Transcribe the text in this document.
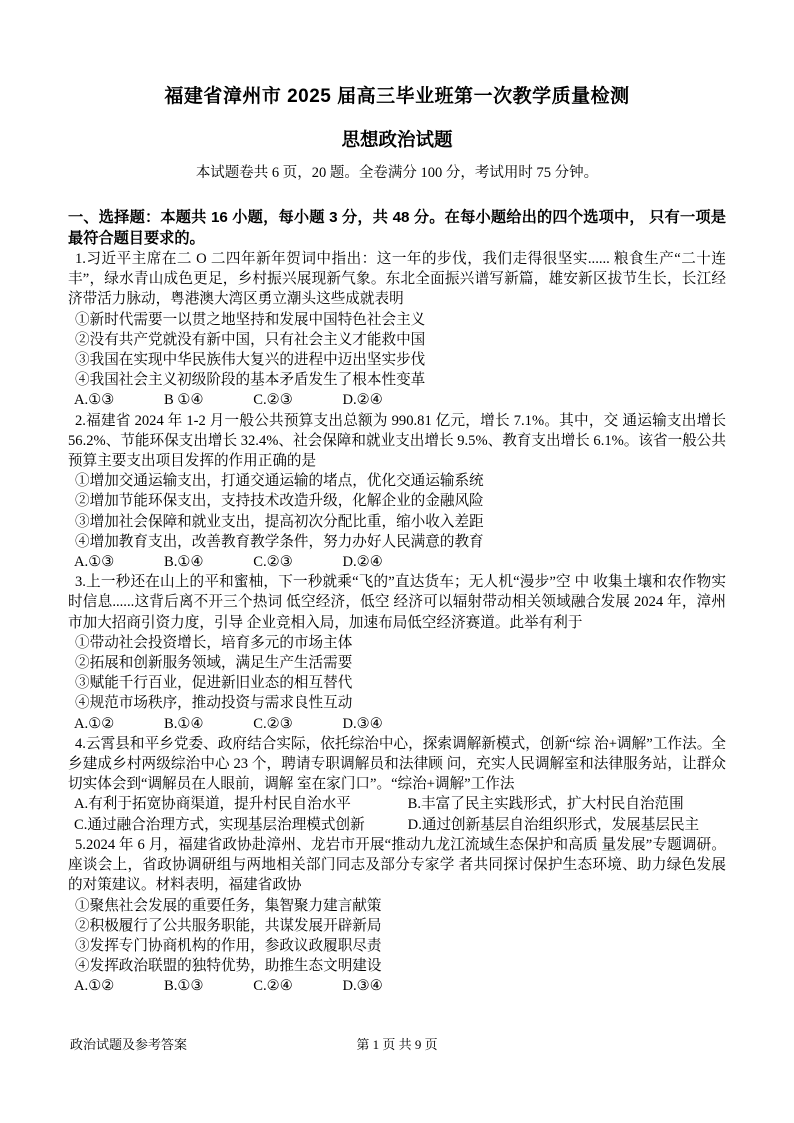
福建省漳州市 2025 届高三毕业班第一次教学质量检测
思想政治试题

本试题卷共 6 页，20 题。全卷满分 100 分，考试用时 75 分钟。

一、选择题：本题共 16 小题，每小题 3 分，共 48 分。在每小题给出的四个选项中， 只有一项是最符合题目要求的。

1.习近平主席在二 O 二四年新年贺词中指出：这一年的步伐，我们走得很坚实...... 粮食生产“二十连丰”，绿水青山成色更足，乡村振兴展现新气象。东北全面振兴谱写新篇，雄安新区拔节生长，长江经济带活力脉动，粤港澳大湾区勇立潮头这些成就表明

①新时代需要一以贯之地坚持和发展中国特色社会主义

②没有共产党就没有新中国，只有社会主义才能救中国

③我国在实现中华民族伟大复兴的进程中迈出坚实步伐

④我国社会主义初级阶段的基本矛盾发生了根本性变革

A.①③	B ①④	C.②③	D.②④

2.福建省 2024 年 1-2 月一般公共预算支出总额为 990.81 亿元，增长 7.1%。其中，交 通运输支出增长 56.2%、节能环保支出增长 32.4%、社会保障和就业支出增长 9.5%、教育支出增长 6.1%。该省一般公共预算主要支出项目发挥的作用正确的是

①增加交通运输支出，打通交通运输的堵点，优化交通运输系统

②增加节能环保支出，支持技术改造升级，化解企业的金融风险

③增加社会保障和就业支出，提高初次分配比重，缩小收入差距

④增加教育支出，改善教育教学条件，努力办好人民满意的教育

A.①③	B.①④	C.②③	D.②④

3.上一秒还在山上的平和蜜柚，下一秒就乘“飞的”直达货车；无人机“漫步”空 中 收集土壤和农作物实时信息......这背后离不开三个热词 低空经济，低空 经济可以辐射带动相关领域融合发展 2024 年，漳州市加大招商引资力度，引导 企业竞相入局，加速布局低空经济赛道。此举有利于

①带动社会投资增长，培育多元的市场主体

②拓展和创新服务领域，满足生产生活需要

③赋能千行百业，促进新旧业态的相互替代

④规范市场秩序，推动投资与需求良性互动

A.①②	B.①④	C.②③	D.③④

4.云霄县和平乡党委、政府结合实际，依托综治中心，探索调解新模式，创新“综 治+调解”工作法。全乡建成乡村两级综治中心 23 个，聘请专职调解员和法律顾 问，充实人民调解室和法律服务站，让群众切实体会到“调解员在人眼前，调解 室在家门口”。“综治+调解”工作法

A.有利于拓宽协商渠道，提升村民自治水平	B.丰富了民主实践形式，扩大村民自治范围

C.通过融合治理方式，实现基层治理模式创新	D.通过创新基层自治组织形式，发展基层民主

5.2024 年 6 月，福建省政协赴漳州、龙岩市开展“推动九龙江流域生态保护和高质 量发展”专题调研。座谈会上，省政协调研组与两地相关部门同志及部分专家学 者共同探讨保护生态环境、助力绿色发展的对策建议。材料表明，福建省政协

①聚焦社会发展的重要任务，集智聚力建言献策

②积极履行了公共服务职能，共谋发展开辟新局

③发挥专门协商机构的作用，参政议政履职尽责

④发挥政治联盟的独特优势，助推生态文明建设

A.①②	B.①③	C.②④	D.③④

政治试题及参考答案	第 1 页 共 9 页
